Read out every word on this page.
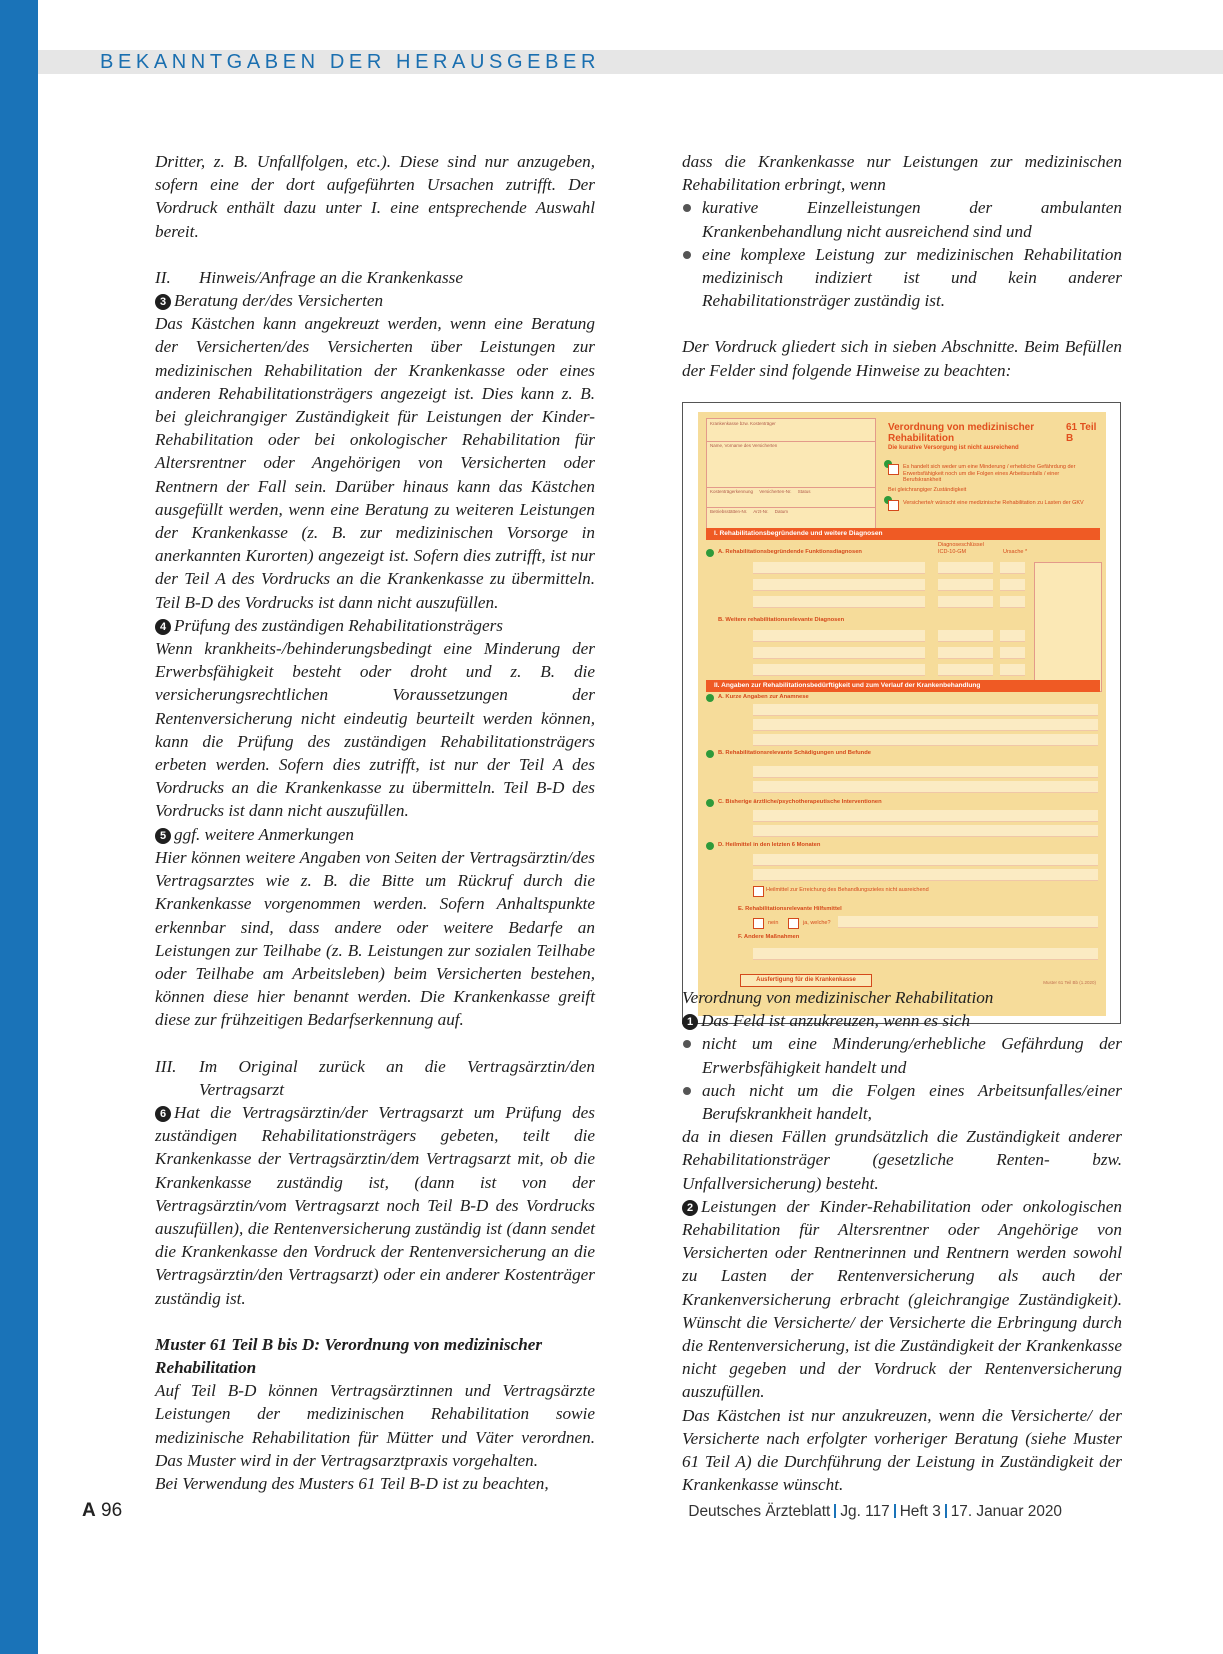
BEKANNTGABEN DER HERAUSGEBER

Dritter, z. B. Unfallfolgen, etc.). Diese sind nur anzugeben, sofern eine der dort aufgeführten Ursachen zutrifft. Der Vordruck enthält dazu unter I. eine entsprechende Auswahl bereit.

II.	Hinweis/Anfrage an die Krankenkasse

3 Beratung der/des Versicherten

Das Kästchen kann angekreuzt werden, wenn eine Beratung der Versicherten/des Versicherten über Leistungen zur medizinischen Rehabilitation der Krankenkasse oder eines anderen Rehabilitationsträgers angezeigt ist. Dies kann z. B. bei gleichrangiger Zuständigkeit für Leistungen der Kinder-Rehabilitation oder bei onkologischer Rehabilitation für Altersrentner oder Angehörigen von Versicherten oder Rentnern der Fall sein. Darüber hinaus kann das Kästchen ausgefüllt werden, wenn eine Beratung zu weiteren Leistungen der Krankenkasse (z. B. zur medizinischen Vorsorge in anerkannten Kurorten) angezeigt ist. Sofern dies zutrifft, ist nur der Teil A des Vordrucks an die Krankenkasse zu übermitteln. Teil B-D des Vordrucks ist dann nicht auszufüllen.

4 Prüfung des zuständigen Rehabilitationsträgers

Wenn krankheits-/behinderungsbedingt eine Minderung der Erwerbsfähigkeit besteht oder droht und z. B. die versicherungsrechtlichen Voraussetzungen der Rentenversicherung nicht eindeutig beurteilt werden können, kann die Prüfung des zuständigen Rehabilitationsträgers erbeten werden. Sofern dies zutrifft, ist nur der Teil A des Vordrucks an die Krankenkasse zu übermitteln. Teil B-D des Vordrucks ist dann nicht auszufüllen.

5 ggf. weitere Anmerkungen

Hier können weitere Angaben von Seiten der Vertragsärztin/des Vertragsarztes wie z. B. die Bitte um Rückruf durch die Krankenkasse vorgenommen werden. Sofern Anhaltspunkte erkennbar sind, dass andere oder weitere Bedarfe an Leistungen zur Teilhabe (z. B. Leistungen zur sozialen Teilhabe oder Teilhabe am Arbeitsleben) beim Versicherten bestehen, können diese hier benannt werden. Die Krankenkasse greift diese zur frühzeitigen Bedarfserkennung auf.

III.	Im Original zurück an die Vertragsärztin/den Vertragsarzt

6 Hat die Vertragsärztin/der Vertragsarzt um Prüfung des zuständigen Rehabilitationsträgers gebeten, teilt die Krankenkasse der Vertragsärztin/dem Vertragsarzt mit, ob die Krankenkasse zuständig ist, (dann ist von der Vertragsärztin/vom Vertragsarzt noch Teil B-D des Vordrucks auszufüllen), die Rentenversicherung zuständig ist (dann sendet die Krankenkasse den Vordruck der Rentenversicherung an die Vertragsärztin/den Vertragsarzt) oder ein anderer Kostenträger zuständig ist.

Muster 61 Teil B bis D: Verordnung von medizinischer Rehabilitation

Auf Teil B-D können Vertragsärztinnen und Vertragsärzte Leistungen der medizinischen Rehabilitation sowie medizinische Rehabilitation für Mütter und Väter verordnen. Das Muster wird in der Vertragsarztpraxis vorgehalten.

Bei Verwendung des Musters 61 Teil B-D ist zu beachten,

dass die Krankenkasse nur Leistungen zur medizinischen Rehabilitation erbringt, wenn

kurative Einzelleistungen der ambulanten Krankenbehandlung nicht ausreichend sind und

eine komplexe Leistung zur medizinischen Rehabilitation medizinisch indiziert ist und kein anderer Rehabilitationsträger zuständig ist.

Der Vordruck gliedert sich in sieben Abschnitte. Beim Befüllen der Felder sind folgende Hinweise zu beachten:

Krankenkasse bzw. Kostenträger
Name, Vorname des Versicherten
Kostenträgerkennung     Versicherten-Nr.     Status
Betriebsstätten-Nr.     Arzt-Nr.     Datum
Verordnung von medizinischer Rehabilitation
61 Teil B
Die kurative Versorgung ist nicht ausreichend
Es handelt sich weder um eine Minderung / erhebliche Gefährdung der Erwerbsfähigkeit noch um die Folgen eines Arbeitsunfalls / einer Berufskrankheit
Bei gleichrangiger Zuständigkeit
Versicherte/r wünscht eine medizinische Rehabilitation zu Lasten der GKV
I. Rehabilitationsbegründende und weitere Diagnosen
A. Rehabilitationsbegründende Funktionsdiagnosen
Diagnoseschlüssel
ICD-10-GM	Ursache *
B. Weitere rehabilitationsrelevante Diagnosen
II. Angaben zur Rehabilitationsbedürftigkeit und zum Verlauf der Krankenbehandlung
A. Kurze Angaben zur Anamnese
B. Rehabilitationsrelevante Schädigungen und Befunde
C. Bisherige ärztliche/psychotherapeutische Interventionen
D. Heilmittel in den letzten 6 Monaten
Heilmittel zur Erreichung des Behandlungszieles nicht ausreichend
E. Rehabilitationsrelevante Hilfsmittel
nein	ja, welche?
F. Andere Maßnahmen
Ausfertigung für die Krankenkasse	Muster 61 Teil Bb (1.2020)

Verordnung von medizinischer Rehabilitation

1 Das Feld ist anzukreuzen, wenn es sich

nicht um eine Minderung/erhebliche Gefährdung der Erwerbsfähigkeit handelt und

auch nicht um die Folgen eines Arbeitsunfalles/einer Berufskrankheit handelt,

da in diesen Fällen grundsätzlich die Zuständigkeit anderer Rehabilitationsträger (gesetzliche Renten- bzw. Unfallversicherung) besteht.

2 Leistungen der Kinder-Rehabilitation oder onkologischen Rehabilitation für Altersrentner oder Angehörige von Versicherten oder Rentnerinnen und Rentnern werden sowohl zu Lasten der Rentenversicherung als auch der Krankenversicherung erbracht (gleichrangige Zuständigkeit). Wünscht die Versicherte/ der Versicherte die Erbringung durch die Rentenversicherung, ist die Zuständigkeit der Krankenkasse nicht gegeben und der Vordruck der Rentenversicherung auszufüllen.

Das Kästchen ist nur anzukreuzen, wenn die Versicherte/ der Versicherte nach erfolgter vorheriger Beratung (siehe Muster 61 Teil A) die Durchführung der Leistung in Zuständigkeit der Krankenkasse wünscht.

A 96	Deutsches Ärzteblatt Jg. 117 Heft 3 17. Januar 2020
